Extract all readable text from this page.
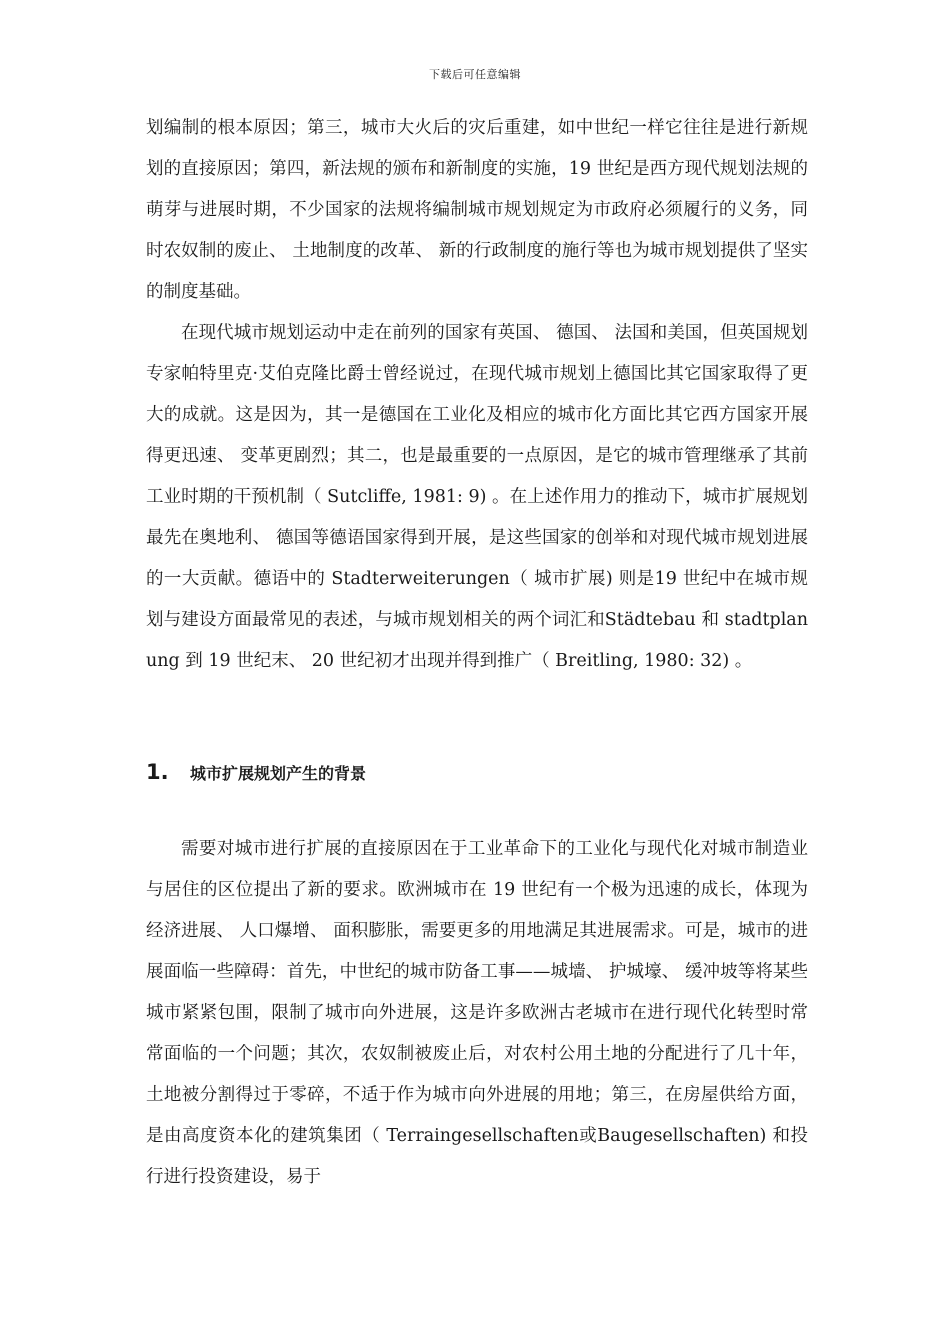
下载后可任意编辑

划编制的根本原因；第三，城市大火后的灾后重建，如中世纪一样它往往是进行新规划的直接原因；第四，新法规的颁布和新制度的实施，19 世纪是西方现代规划法规的萌芽与进展时期，不少国家的法规将编制城市规划规定为市政府必须履行的义务，同时农奴制的废止、 土地制度的改革、 新的行政制度的施行等也为城市规划提供了坚实的制度基础。

在现代城市规划运动中走在前列的国家有英国、 德国、 法国和美国，但英国规划专家帕特里克·艾伯克隆比爵士曾经说过，在现代城市规划上德国比其它国家取得了更大的成就。这是因为，其一是德国在工业化及相应的城市化方面比其它西方国家开展得更迅速、 变革更剧烈；其二，也是最重要的一点原因，是它的城市管理继承了其前工业时期的干预机制（ Sutcliffe, 1981: 9) 。在上述作用力的推动下，城市扩展规划最先在奥地利、 德国等德语国家得到开展，是这些国家的创举和对现代城市规划进展的一大贡献。德语中的 Stadterweiterungen（ 城市扩展) 则是19 世纪中在城市规划与建设方面最常见的表述，与城市规划相关的两个词汇和Städtebau 和 stadtplanung 到 19 世纪末、 20 世纪初才出现并得到推广（ Breitling, 1980: 32) 。

1.	城市扩展规划产生的背景

需要对城市进行扩展的直接原因在于工业革命下的工业化与现代化对城市制造业与居住的区位提出了新的要求。欧洲城市在 19 世纪有一个极为迅速的成长，体现为经济进展、 人口爆增、 面积膨胀，需要更多的用地满足其进展需求。可是，城市的进展面临一些障碍：首先，中世纪的城市防备工事——城墙、 护城壕、 缓冲坡等将某些城市紧紧包围，限制了城市向外进展，这是许多欧洲古老城市在进行现代化转型时常常面临的一个问题；其次，农奴制被废止后，对农村公用土地的分配进行了几十年，土地被分割得过于零碎，不适于作为城市向外进展的用地；第三，在房屋供给方面，是由高度资本化的建筑集团（ Terraingesellschaften或Baugesellschaften) 和投行进行投资建设，易于
